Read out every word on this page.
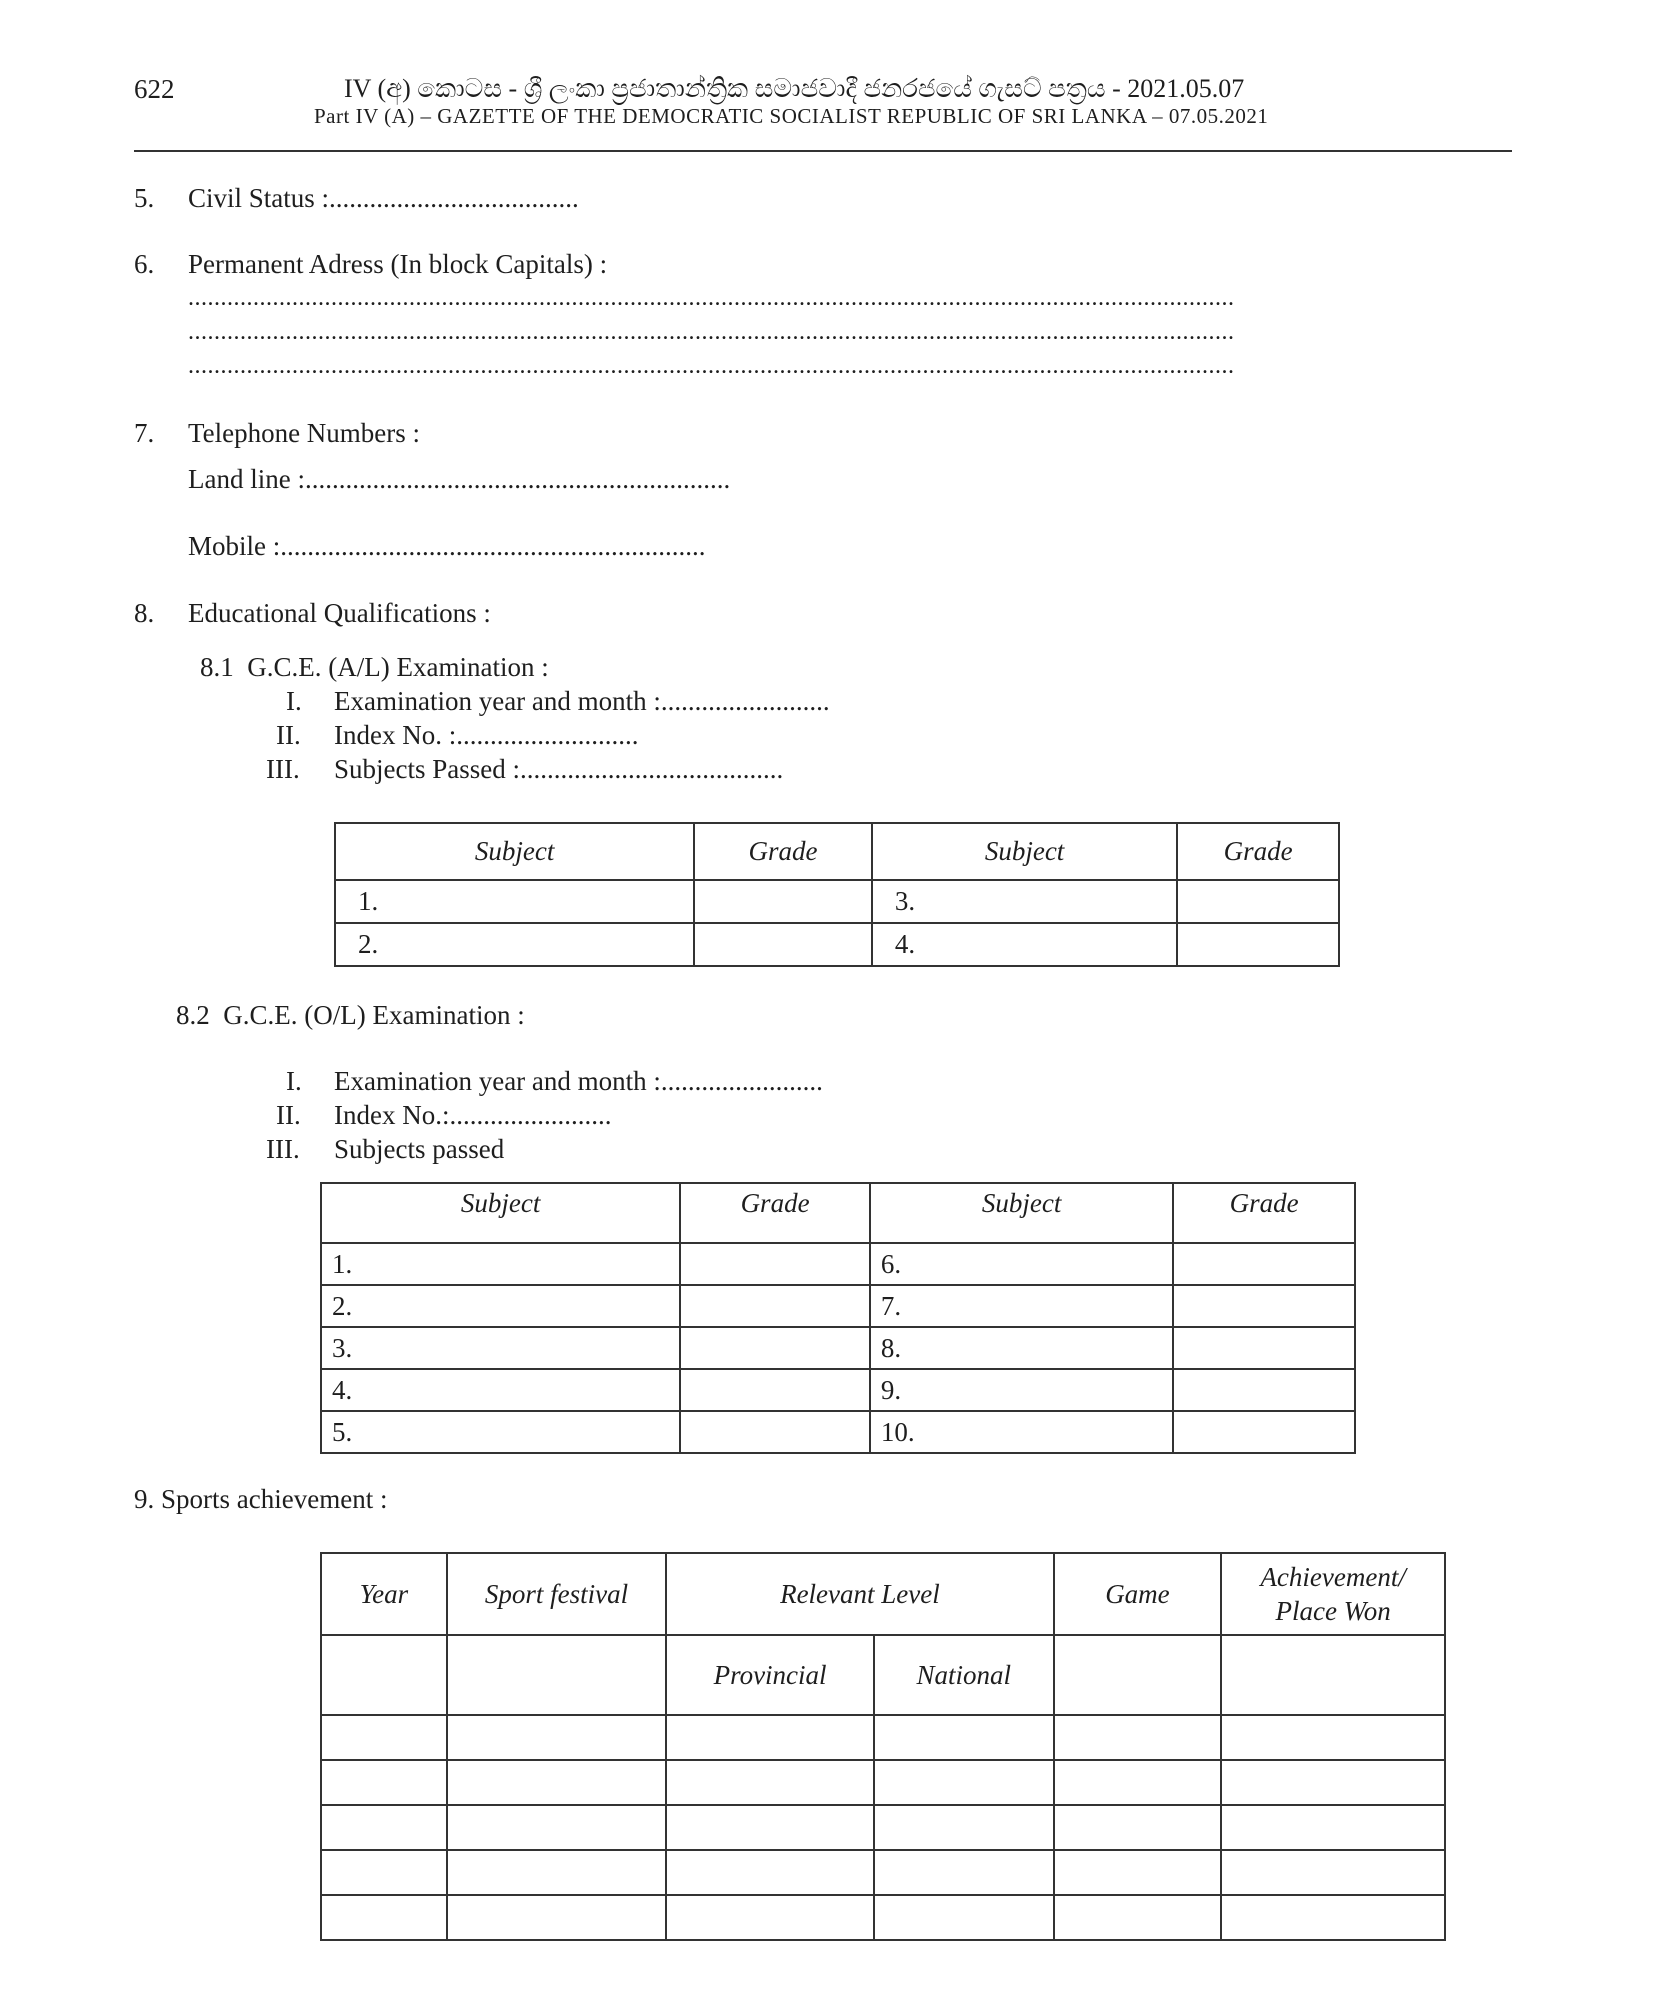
622	IV (අ) කොටස - ශ්‍රී ලංකා ප්‍රජාතාන්ත්‍රික සමාජවාදී ජනරජයේ ගැසට් පත්‍රය - 2021.05.07
Part IV (A) – GAZETTE OF THE DEMOCRATIC SOCIALIST REPUBLIC OF SRI LANKA – 07.05.2021
5. Civil Status :.....................................
6. Permanent Adress (In block Capitals) :
.................................................................................................................................................................
.................................................................................................................................................................
.................................................................................................................................................................
7. Telephone Numbers :
Land line :...............................................................
Mobile :...............................................................
8. Educational Qualifications :
8.1  G.C.E. (A/L) Examination :
I. Examination year and month :.........................
II. Index No. :...........................
III. Subjects Passed :.......................................
Subject	Grade	Subject	Grade
1.		3.	
2.		4.	
8.2  G.C.E. (O/L) Examination :
I. Examination year and month :........................
II. Index No.:........................
III. Subjects passed
Subject	Grade	Subject	Grade
1.		6.	
2.		7.	
3.		8.	
4.		9.	
5.		10.	
9. Sports achievement :
Year	Sport festival	Relevant Level		Game	Achievement/
Place Won
		Provincial	National		
